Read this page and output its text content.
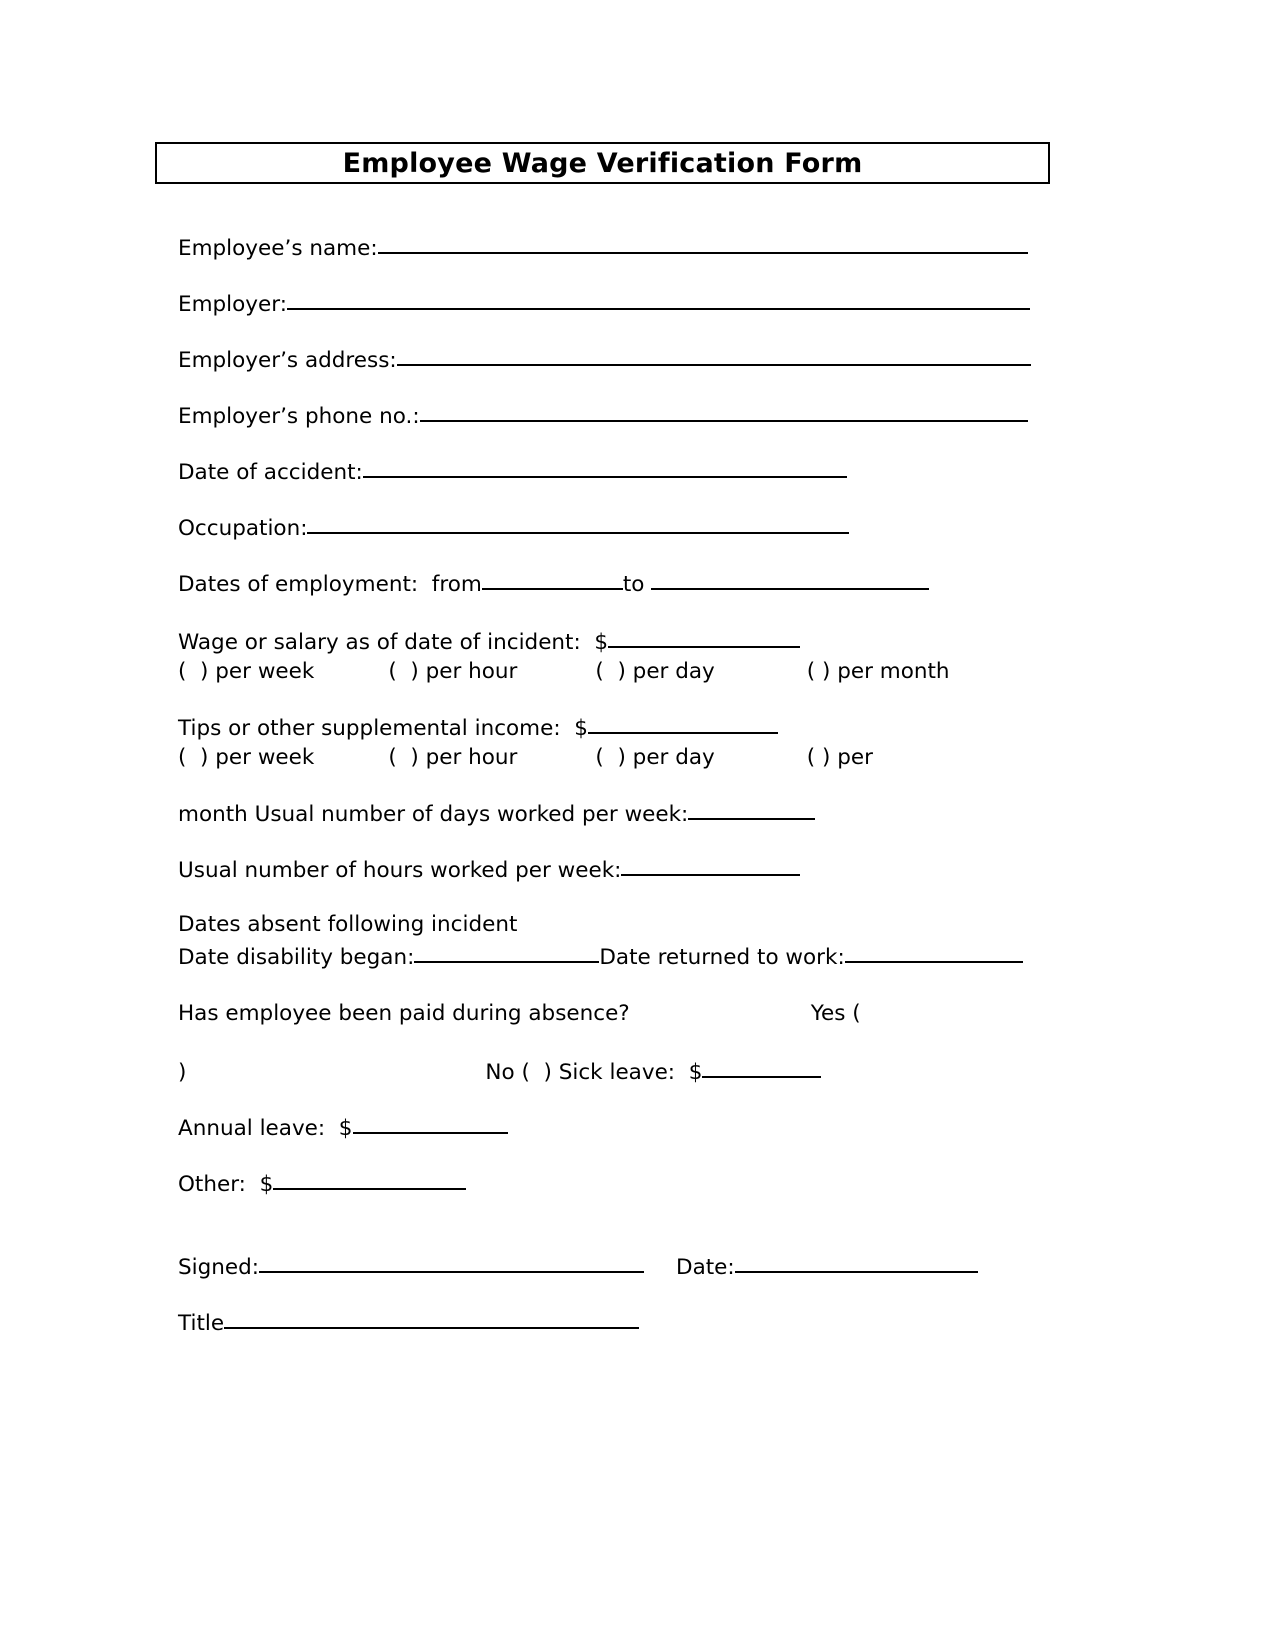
Employee Wage Verification Form
Employee’s name:
Employer:
Employer’s address:
Employer’s phone no.:
Date of accident:
Occupation:
Dates of employment:  from	to
Wage or salary as of date of incident:  $
(  ) per week	(  ) per hour	(  ) per day	( ) per month
Tips or other supplemental income:  $
(  ) per week	(  ) per hour	(  ) per day	( ) per
month Usual number of days worked per week:
Usual number of hours worked per week:
Dates absent following incident
Date disability began:	Date returned to work:
Has employee been paid during absence?	Yes (
)	No (  ) Sick leave:  $
Annual leave:  $
Other:  $
Signed:	Date:
Title
